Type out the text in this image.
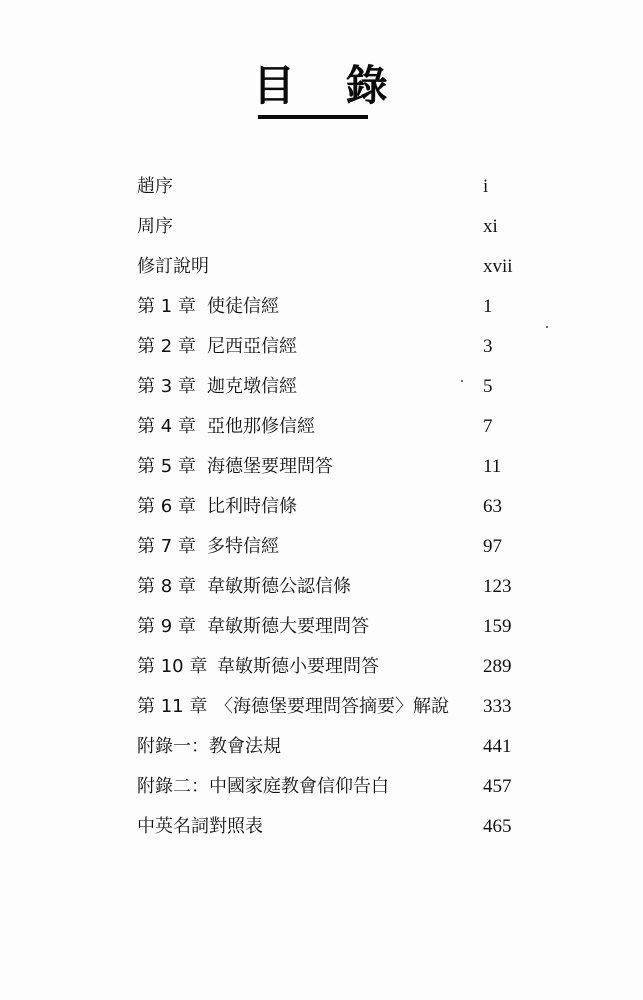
目 錄
趙序	i
周序	xi
修訂說明	xvii
第 1 章 使徒信經	1
第 2 章 尼西亞信經	3
第 3 章 迦克墩信經	5
第 4 章 亞他那修信經	7
第 5 章 海德堡要理問答	11
第 6 章 比利時信條	63
第 7 章 多特信經	97
第 8 章 韋敏斯德公認信條	123
第 9 章 韋敏斯德大要理問答	159
第 10 章 韋敏斯德小要理問答	289
第 11 章 〈海德堡要理問答摘要〉解說 333
附錄一：教會法規	441
附錄二：中國家庭教會信仰告白	457
中英名詞對照表	465
